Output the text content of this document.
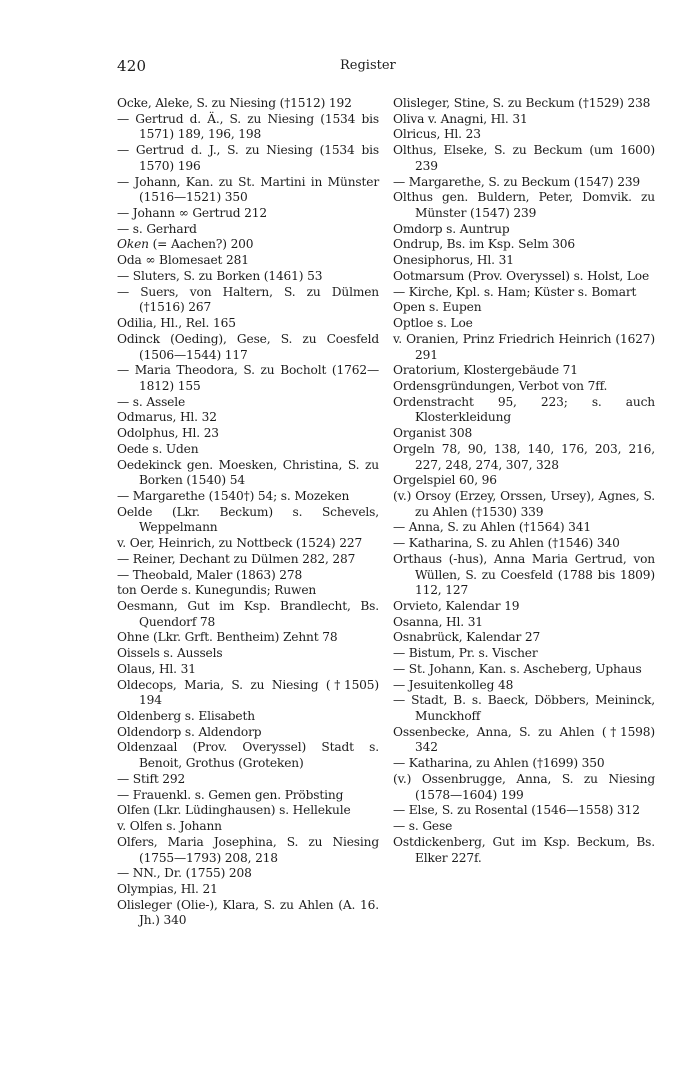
420	Register

Ocke, Aleke, S. zu Niesing (†1512) 192

— Gertrud d. Ä., S. zu Niesing (1534 bis 1571) 189, 196, 198

— Gertrud d. J., S. zu Niesing (1534 bis 1570) 196

— Johann, Kan. zu St. Martini in Münster (1516—1521) 350

— Johann ∞ Gertrud 212

— s. Gerhard

Oken (= Aachen?) 200

Oda ∞ Blomesaet 281

— Sluters, S. zu Borken (1461) 53

— Suers, von Haltern, S. zu Dülmen (†1516) 267

Odilia, Hl., Rel. 165

Odinck (Oeding), Gese, S. zu Coesfeld (1506—1544) 117

— Maria Theodora, S. zu Bocholt (1762—1812) 155

— s. Assele

Odmarus, Hl. 32

Odolphus, Hl. 23

Oede s. Uden

Oedekinck gen. Moesken, Christina, S. zu Borken (1540) 54

— Margarethe (1540†) 54; s. Mozeken

Oelde (Lkr. Beckum) s. Schevels, Weppelmann

v. Oer, Heinrich, zu Nottbeck (1524) 227

— Reiner, Dechant zu Dülmen 282, 287

— Theobald, Maler (1863) 278

ton Oerde s. Kunegundis; Ruwen

Oesmann, Gut im Ksp. Brandlecht, Bs. Quendorf 78

Ohne (Lkr. Grft. Bentheim) Zehnt 78

Oissels s. Aussels

Olaus, Hl. 31

Oldecops, Maria, S. zu Niesing (†1505) 194

Oldenberg s. Elisabeth

Oldendorp s. Aldendorp

Oldenzaal (Prov. Overyssel) Stadt s. Benoit, Grothus (Groteken)

— Stift 292

— Frauenkl. s. Gemen gen. Pröbsting

Olfen (Lkr. Lüdinghausen) s. Hellekule

v. Olfen s. Johann

Olfers, Maria Josephina, S. zu Niesing (1755—1793) 208, 218

— NN., Dr. (1755) 208

Olympias, Hl. 21

Olisleger (Olie-), Klara, S. zu Ahlen (A. 16. Jh.) 340

Olisleger, Stine, S. zu Beckum (†1529) 238

Oliva v. Anagni, Hl. 31

Olricus, Hl. 23

Olthus, Elseke, S. zu Beckum (um 1600) 239

— Margarethe, S. zu Beckum (1547) 239

Olthus gen. Buldern, Peter, Domvik. zu Münster (1547) 239

Omdorp s. Auntrup

Ondrup, Bs. im Ksp. Selm 306

Onesiphorus, Hl. 31

Ootmarsum (Prov. Overyssel) s. Holst, Loe

— Kirche, Kpl. s. Ham; Küster s. Bomart

Open s. Eupen

Optloe s. Loe

v. Oranien, Prinz Friedrich Heinrich (1627) 291

Oratorium, Klostergebäude 71

Ordensgründungen, Verbot von 7ff.

Ordenstracht 95, 223; s. auch Klosterkleidung

Organist 308

Orgeln 78, 90, 138, 140, 176, 203, 216, 227, 248, 274, 307, 328

Orgelspiel 60, 96

(v.) Orsoy (Erzey, Orssen, Ursey), Agnes, S. zu Ahlen (†1530) 339

— Anna, S. zu Ahlen (†1564) 341

— Katharina, S. zu Ahlen (†1546) 340

Orthaus (-hus), Anna Maria Gertrud, von Wüllen, S. zu Coesfeld (1788 bis 1809) 112, 127

Orvieto, Kalendar 19

Osanna, Hl. 31

Osnabrück, Kalendar 27

— Bistum, Pr. s. Vischer

— St. Johann, Kan. s. Ascheberg, Uphaus

— Jesuitenkolleg 48

— Stadt, B. s. Baeck, Döbbers, Meininck, Munckhoff

Ossenbecke, Anna, S. zu Ahlen (†1598) 342

— Katharina, zu Ahlen (†1699) 350

(v.) Ossenbrugge, Anna, S. zu Niesing (1578—1604) 199

— Else, S. zu Rosental (1546—1558) 312

— s. Gese

Ostdickenberg, Gut im Ksp. Beckum, Bs. Elker 227f.
